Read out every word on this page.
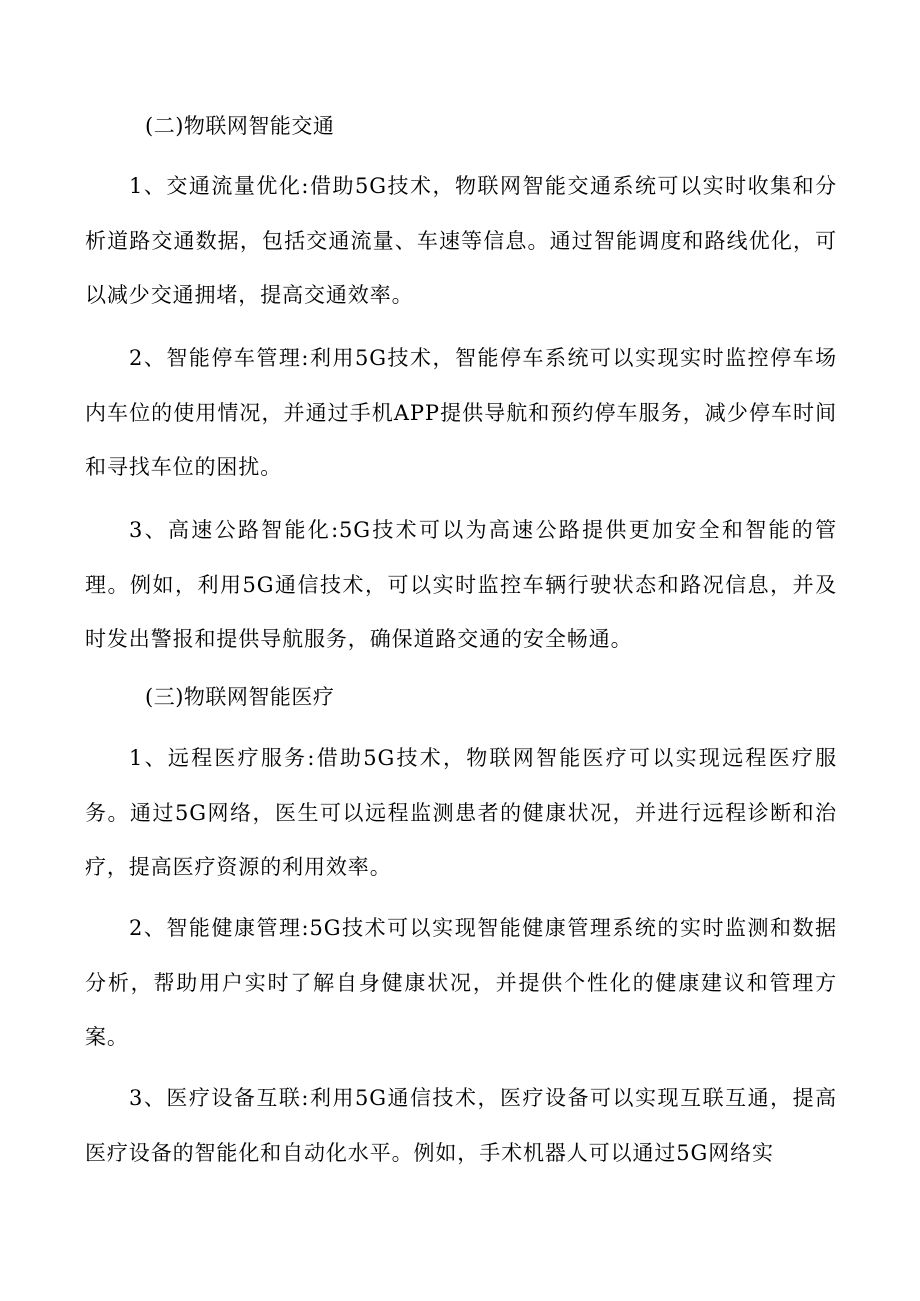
(二)物联网智能交通

1、交通流量优化:借助5G技术，物联网智能交通系统可以实时收集和分析道路交通数据，包括交通流量、车速等信息。通过智能调度和路线优化，可以减少交通拥堵，提高交通效率。

2、智能停车管理:利用5G技术，智能停车系统可以实现实时监控停车场内车位的使用情况，并通过手机APP提供导航和预约停车服务，减少停车时间和寻找车位的困扰。

3、高速公路智能化:5G技术可以为高速公路提供更加安全和智能的管理。例如，利用5G通信技术，可以实时监控车辆行驶状态和路况信息，并及时发出警报和提供导航服务，确保道路交通的安全畅通。

(三)物联网智能医疗

1、远程医疗服务:借助5G技术，物联网智能医疗可以实现远程医疗服务。通过5G网络，医生可以远程监测患者的健康状况，并进行远程诊断和治疗，提高医疗资源的利用效率。

2、智能健康管理:5G技术可以实现智能健康管理系统的实时监测和数据分析，帮助用户实时了解自身健康状况，并提供个性化的健康建议和管理方案。

3、医疗设备互联:利用5G通信技术，医疗设备可以实现互联互通，提高医疗设备的智能化和自动化水平。例如，手术机器人可以通过5G网络实
